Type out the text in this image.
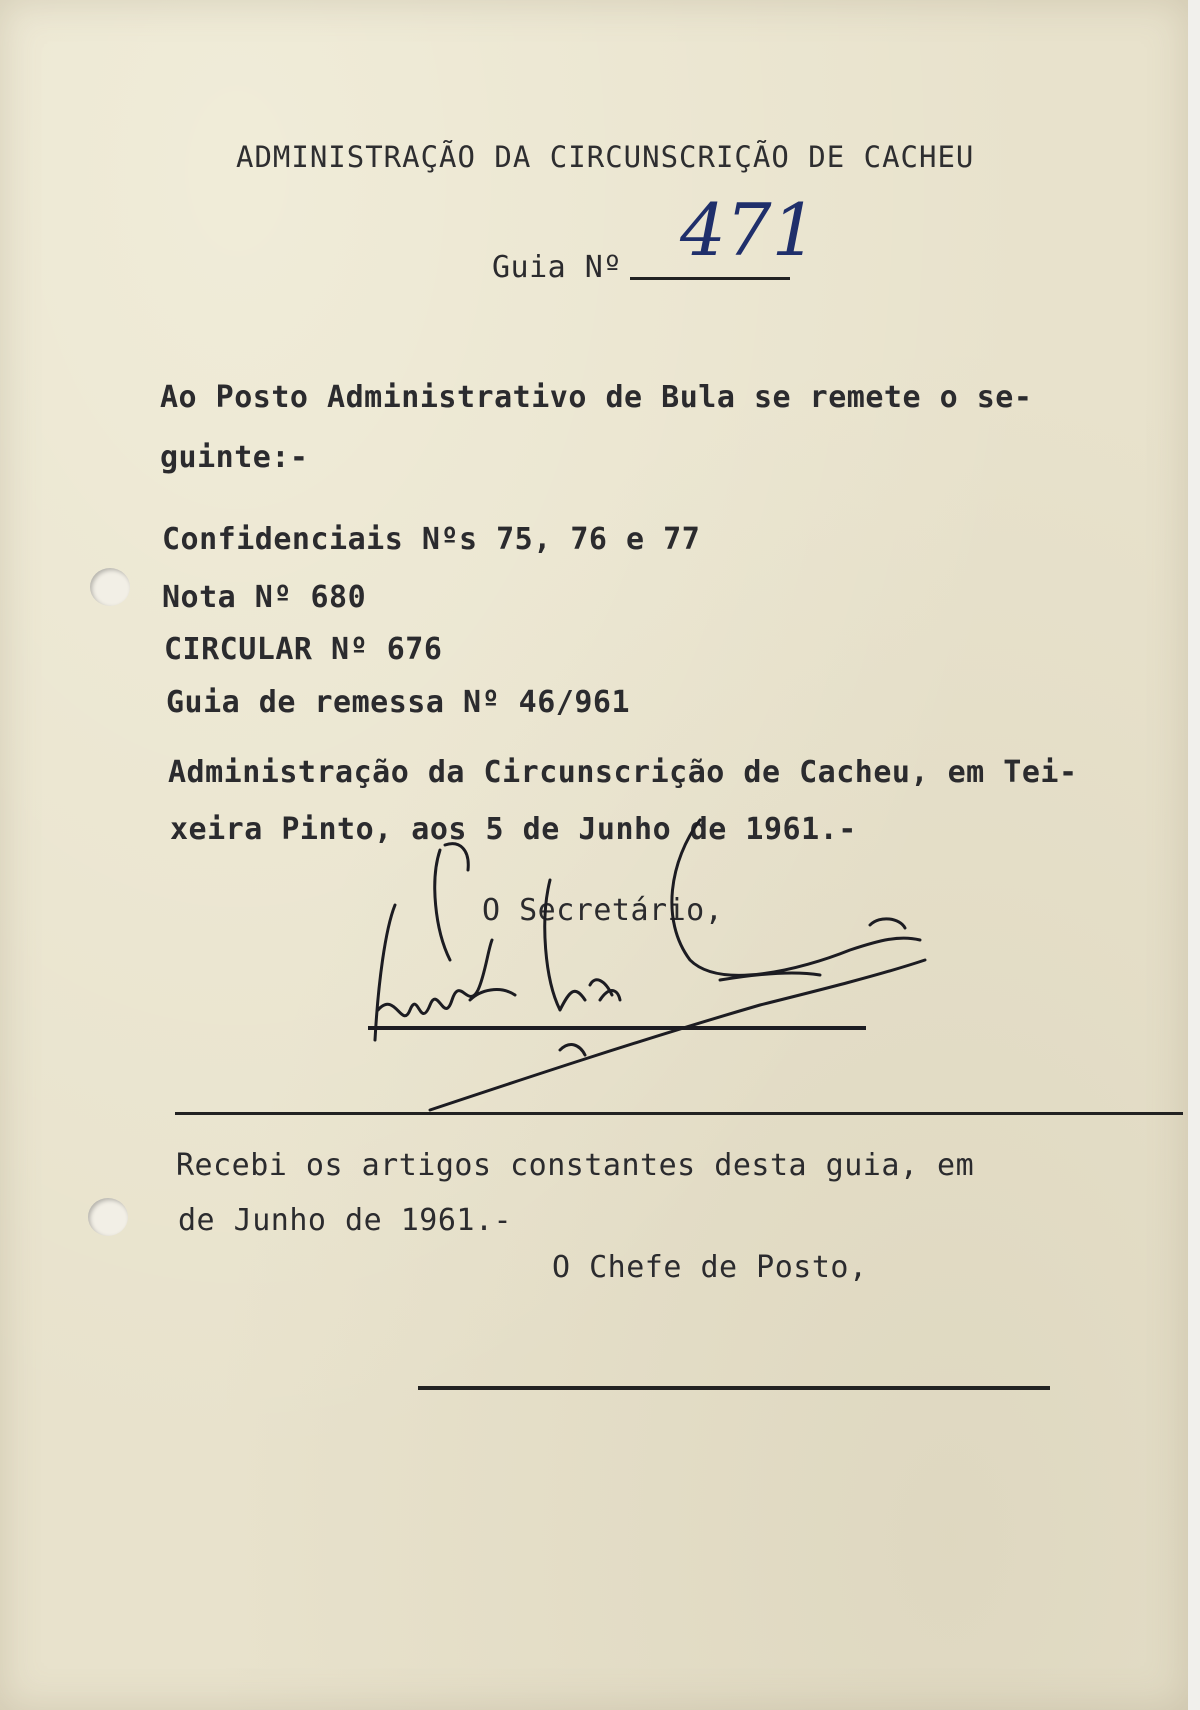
ADMINISTRAÇÃO DA CIRCUNSCRIÇÃO DE CACHEU
Guia Nº 471
Ao Posto Administrativo de Bula se remete o se-
guinte:-
Confidenciais Nºs 75, 76 e 77
Nota Nº 680
CIRCULAR Nº 676
Guia de remessa Nº 46/961
Administração da Circunscrição de Cacheu, em Tei-
xeira Pinto, aos 5 de Junho de 1961.-
O Secretário,
Recebi os artigos constantes desta guia, em
de Junho de 1961.-
O Chefe de Posto,
